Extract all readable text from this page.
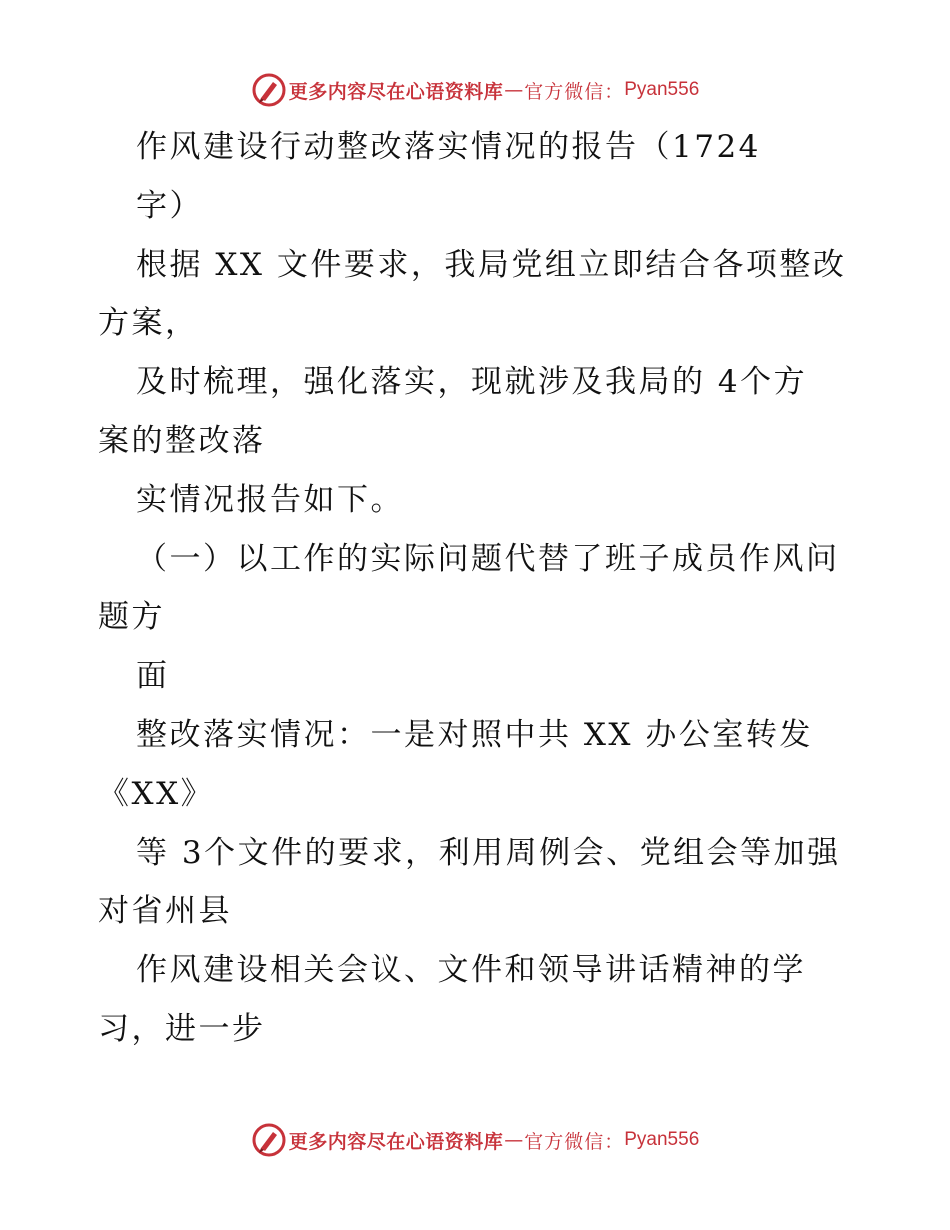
更多内容尽在心语资料库 — 官方微信： Pyan556
作风建设行动整改落实情况的报告（1724
字）
根据 XX 文件要求，我局党组立即结合各项整改
方案，
及时梳理，强化落实，现就涉及我局的 4个方
案的整改落
实情况报告如下。
（一）以工作的实际问题代替了班子成员作风问
题方
面
整改落实情况：一是对照中共 XX 办公室转发
《XX》
等 3个文件的要求，利用周例会、党组会等加强
对省州县
作风建设相关会议、文件和领导讲话精神的学
习，进一步
更多内容尽在心语资料库 — 官方微信： Pyan556
